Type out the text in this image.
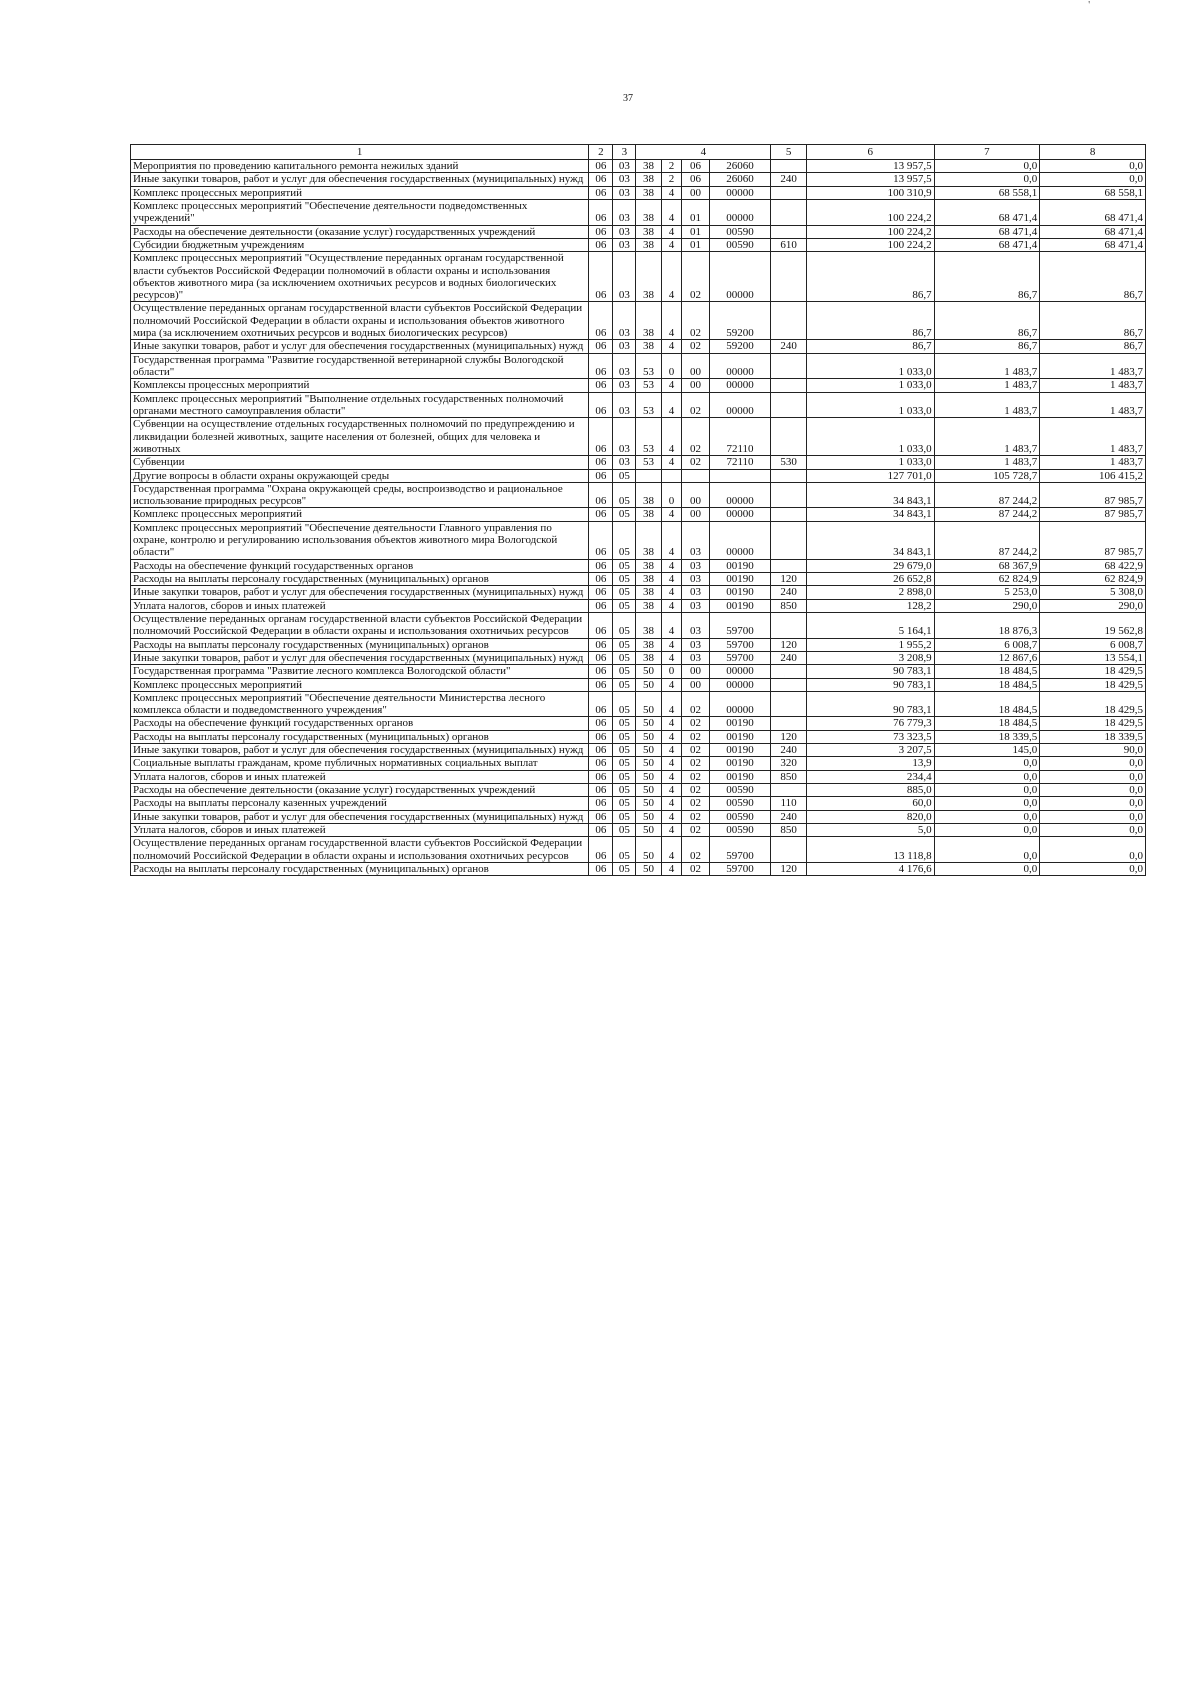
'
37
1	2	3	4				5	6	7	8
Мероприятия по проведению капитального ремонта нежилых зданий	06	03	38	2	06	26060		13 957,5	0,0	0,0
Иные закупки товаров, работ и услуг для обеспечения государственных (муниципальных) нужд	06	03	38	2	06	26060	240	13 957,5	0,0	0,0
Комплекс процессных мероприятий	06	03	38	4	00	00000		100 310,9	68 558,1	68 558,1
Комплекс процессных мероприятий "Обеспечение деятельности подведомственных учреждений"	06	03	38	4	01	00000		100 224,2	68 471,4	68 471,4
Расходы на обеспечение деятельности (оказание услуг) государственных учреждений	06	03	38	4	01	00590		100 224,2	68 471,4	68 471,4
Субсидии бюджетным учреждениям	06	03	38	4	01	00590	610	100 224,2	68 471,4	68 471,4
Комплекс процессных мероприятий "Осуществление переданных органам государственной власти субъектов Российской Федерации полномочий в области охраны и использования объектов животного мира (за исключением охотничьих ресурсов и водных биологических ресурсов)"	06	03	38	4	02	00000		86,7	86,7	86,7
Осуществление переданных органам государственной власти субъектов Российской Федерации полномочий Российской Федерации в области охраны и использования объектов животного мира (за исключением охотничьих ресурсов и водных биологических ресурсов)	06	03	38	4	02	59200		86,7	86,7	86,7
Иные закупки товаров, работ и услуг для обеспечения государственных (муниципальных) нужд	06	03	38	4	02	59200	240	86,7	86,7	86,7
Государственная программа "Развитие государственной ветеринарной службы Вологодской области"	06	03	53	0	00	00000		1 033,0	1 483,7	1 483,7
Комплексы процессных мероприятий	06	03	53	4	00	00000		1 033,0	1 483,7	1 483,7
Комплекс процессных мероприятий "Выполнение отдельных государственных полномочий органами местного самоуправления области"	06	03	53	4	02	00000		1 033,0	1 483,7	1 483,7
Субвенции на осуществление отдельных государственных полномочий по предупреждению и ликвидации болезней животных, защите населения от болезней, общих для человека и животных	06	03	53	4	02	72110		1 033,0	1 483,7	1 483,7
Субвенции	06	03	53	4	02	72110	530	1 033,0	1 483,7	1 483,7
Другие вопросы в области охраны окружающей среды	06	05						127 701,0	105 728,7	106 415,2
Государственная программа "Охрана окружающей среды, воспроизводство и рациональное использование природных ресурсов"	06	05	38	0	00	00000		34 843,1	87 244,2	87 985,7
Комплекс процессных мероприятий	06	05	38	4	00	00000		34 843,1	87 244,2	87 985,7
Комплекс процессных мероприятий "Обеспечение деятельности Главного управления по охране, контролю и регулированию использования объектов животного мира Вологодской области"	06	05	38	4	03	00000		34 843,1	87 244,2	87 985,7
Расходы на обеспечение функций государственных органов	06	05	38	4	03	00190		29 679,0	68 367,9	68 422,9
Расходы на выплаты персоналу государственных (муниципальных) органов	06	05	38	4	03	00190	120	26 652,8	62 824,9	62 824,9
Иные закупки товаров, работ и услуг для обеспечения государственных (муниципальных) нужд	06	05	38	4	03	00190	240	2 898,0	5 253,0	5 308,0
Уплата налогов, сборов и иных платежей	06	05	38	4	03	00190	850	128,2	290,0	290,0
Осуществление переданных органам государственной власти субъектов Российской Федерации полномочий Российской Федерации в области охраны и использования охотничьих ресурсов	06	05	38	4	03	59700		5 164,1	18 876,3	19 562,8
Расходы на выплаты персоналу государственных (муниципальных) органов	06	05	38	4	03	59700	120	1 955,2	6 008,7	6 008,7
Иные закупки товаров, работ и услуг для обеспечения государственных (муниципальных) нужд	06	05	38	4	03	59700	240	3 208,9	12 867,6	13 554,1
Государственная программа "Развитие лесного комплекса Вологодской области"	06	05	50	0	00	00000		90 783,1	18 484,5	18 429,5
Комплекс процессных мероприятий	06	05	50	4	00	00000		90 783,1	18 484,5	18 429,5
Комплекс процессных мероприятий "Обеспечение деятельности Министерства лесного комплекса области и подведомственного учреждения"	06	05	50	4	02	00000		90 783,1	18 484,5	18 429,5
Расходы на обеспечение функций государственных органов	06	05	50	4	02	00190		76 779,3	18 484,5	18 429,5
Расходы на выплаты персоналу государственных (муниципальных) органов	06	05	50	4	02	00190	120	73 323,5	18 339,5	18 339,5
Иные закупки товаров, работ и услуг для обеспечения государственных (муниципальных) нужд	06	05	50	4	02	00190	240	3 207,5	145,0	90,0
Социальные выплаты гражданам, кроме публичных нормативных социальных выплат	06	05	50	4	02	00190	320	13,9	0,0	0,0
Уплата налогов, сборов и иных платежей	06	05	50	4	02	00190	850	234,4	0,0	0,0
Расходы на обеспечение деятельности (оказание услуг) государственных учреждений	06	05	50	4	02	00590		885,0	0,0	0,0
Расходы на выплаты персоналу казенных учреждений	06	05	50	4	02	00590	110	60,0	0,0	0,0
Иные закупки товаров, работ и услуг для обеспечения государственных (муниципальных) нужд	06	05	50	4	02	00590	240	820,0	0,0	0,0
Уплата налогов, сборов и иных платежей	06	05	50	4	02	00590	850	5,0	0,0	0,0
Осуществление переданных органам государственной власти субъектов Российской Федерации полномочий Российской Федерации в области охраны и использования охотничьих ресурсов	06	05	50	4	02	59700		13 118,8	0,0	0,0
Расходы на выплаты персоналу государственных (муниципальных) органов	06	05	50	4	02	59700	120	4 176,6	0,0	0,0
